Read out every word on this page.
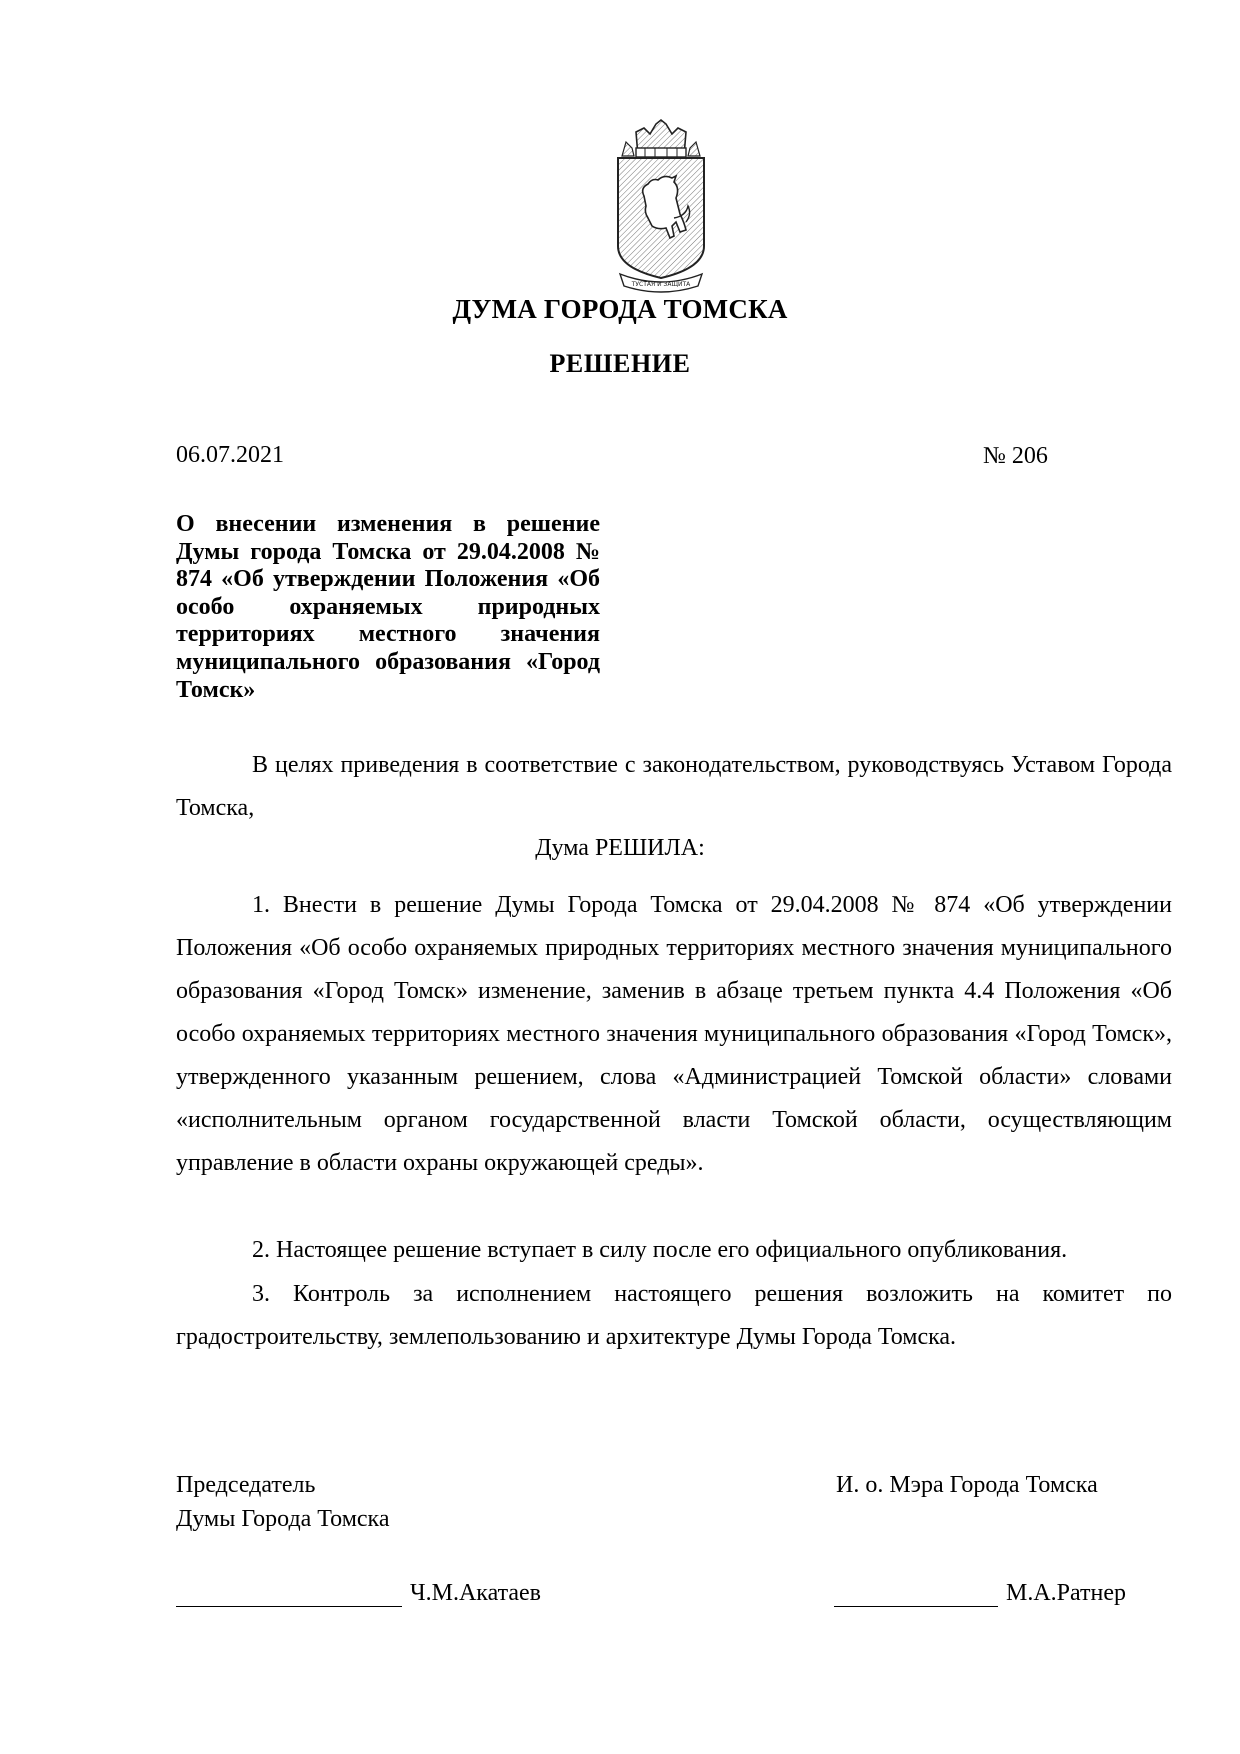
ТУСТАЯ И ЗАЩИТА
ДУМА ГОРОДА ТОМСКА
РЕШЕНИЕ
06.07.2021	№ 206
О внесении изменения в решение Думы города Томска от 29.04.2008 № 874 «Об утверждении Положения «Об особо охраняемых природных территориях местного значения муниципального образования «Город Томск»
В целях приведения в соответствие с законодательством, руководствуясь Уставом Города Томска,
Дума РЕШИЛА:
1. Внести в решение Думы Города Томска от 29.04.2008 № 874 «Об утверждении Положения «Об особо охраняемых природных территориях местного значения муниципального образования «Город Томск» изменение, заменив в абзаце третьем пункта 4.4 Положения «Об особо охраняемых территориях местного значения муниципального образования «Город Томск», утвержденного указанным решением, слова «Администрацией Томской области» словами «исполнительным органом государственной власти Томской области, осуществляющим управление в области охраны окружающей среды».
2. Настоящее решение вступает в силу после его официального опубликования.
3. Контроль за исполнением настоящего решения возложить на комитет по градостроительству, землепользованию и архитектуре Думы Города Томска.
Председатель
Думы Города Томска
И. о. Мэра Города Томска
Ч.М.Акатаев	М.А.Ратнер
